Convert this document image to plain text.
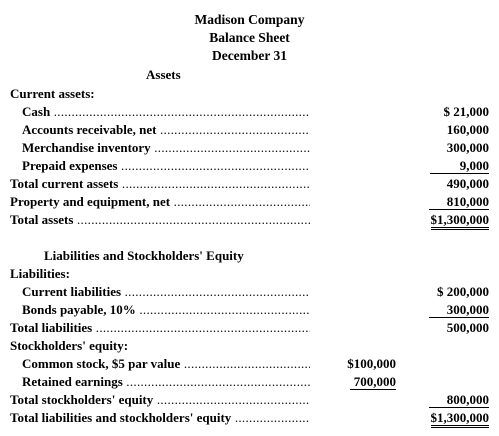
Madison Company
Balance Sheet
December 31
Assets
Current assets:
Cash .....	$ 21,000
Accounts receivable, net .....	160,000
Merchandise inventory .....	300,000
Prepaid expenses .....	9,000
Total current assets .....	490,000
Property and equipment, net .....	810,000
Total assets .....	$1,300,000
Liabilities and Stockholders' Equity
Liabilities:
Current liabilities .....	$ 200,000
Bonds payable, 10% .....	300,000
Total liabilities .....	500,000
Stockholders' equity:
Common stock, $5 par value .....	$100,000
Retained earnings .....	700,000
Total stockholders' equity .....	800,000
Total liabilities and stockholders' equity .....	$1,300,000
